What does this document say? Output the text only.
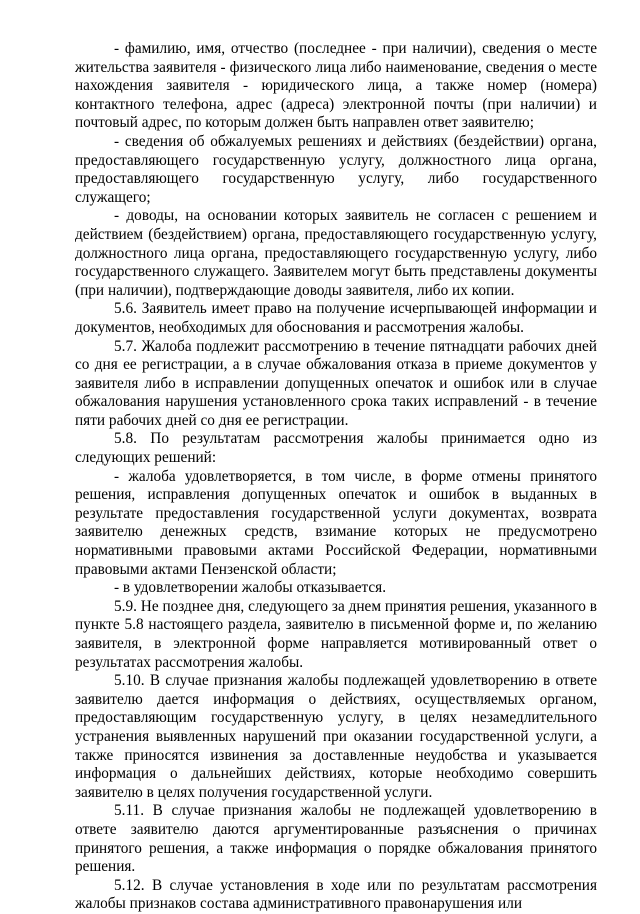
- фамилию, имя, отчество (последнее - при наличии), сведения о месте жительства заявителя - физического лица либо наименование, сведения о месте нахождения заявителя - юридического лица, а также номер (номера) контактного телефона, адрес (адреса) электронной почты (при наличии) и почтовый адрес, по которым должен быть направлен ответ заявителю;

- сведения об обжалуемых решениях и действиях (бездействии) органа, предоставляющего государственную услугу, должностного лица органа, предоставляющего государственную услугу, либо государственного служащего;

- доводы, на основании которых заявитель не согласен с решением и действием (бездействием) органа, предоставляющего государственную услугу, должностного лица органа, предоставляющего государственную услугу, либо государственного служащего. Заявителем могут быть представлены документы (при наличии), подтверждающие доводы заявителя, либо их копии.

5.6. Заявитель имеет право на получение исчерпывающей информации и документов, необходимых для обоснования и рассмотрения жалобы.

5.7. Жалоба подлежит рассмотрению в течение пятнадцати рабочих дней со дня ее регистрации, а в случае обжалования отказа в приеме документов у заявителя либо в исправлении допущенных опечаток и ошибок или в случае обжалования нарушения установленного срока таких исправлений - в течение пяти рабочих дней со дня ее регистрации.

5.8. По результатам рассмотрения жалобы принимается одно из следующих решений:

- жалоба удовлетворяется, в том числе, в форме отмены принятого решения, исправления допущенных опечаток и ошибок в выданных в результате предоставления государственной услуги документах, возврата заявителю денежных средств, взимание которых не предусмотрено нормативными правовыми актами Российской Федерации, нормативными правовыми актами Пензенской области;

- в удовлетворении жалобы отказывается.

5.9. Не позднее дня, следующего за днем принятия решения, указанного в пункте 5.8 настоящего раздела, заявителю в письменной форме и, по желанию заявителя, в электронной форме направляется мотивированный ответ о результатах рассмотрения жалобы.

5.10. В случае признания жалобы подлежащей удовлетворению в ответе заявителю дается информация о действиях, осуществляемых органом, предоставляющим государственную услугу, в целях незамедлительного устранения выявленных нарушений при оказании государственной услуги, а также приносятся извинения за доставленные неудобства и указывается информация о дальнейших действиях, которые необходимо совершить заявителю в целях получения государственной услуги.

5.11. В случае признания жалобы не подлежащей удовлетворению в ответе заявителю даются аргументированные разъяснения о причинах принятого решения, а также информация о порядке обжалования принятого решения.

5.12. В случае установления в ходе или по результатам рассмотрения жалобы признаков состава административного правонарушения или
